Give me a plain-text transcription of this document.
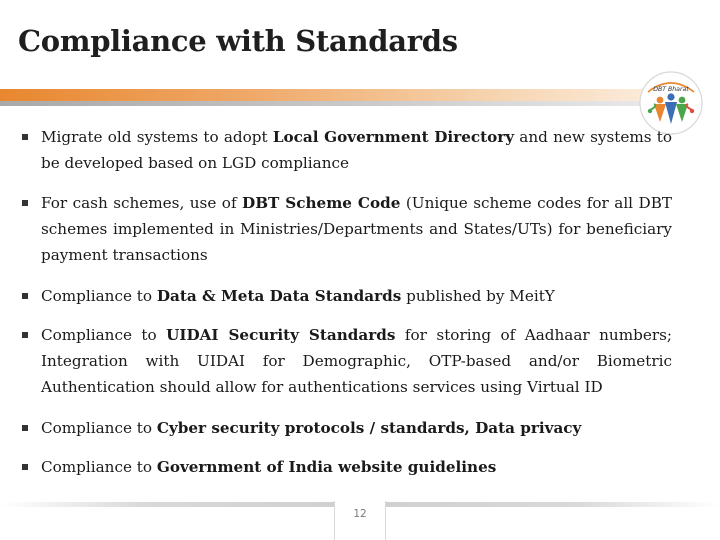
Compliance with Standards
DBT Bharat
Migrate old systems to adopt Local Government Directory and new systems to be developed based on LGD compliance
For cash schemes, use of DBT Scheme Code (Unique scheme codes for all DBT schemes implemented in Ministries/Departments and States/UTs) for beneficiary payment transactions
Compliance to Data & Meta Data Standards published by MeitY
Compliance to UIDAI Security Standards for storing of Aadhaar numbers; Integration with UIDAI for Demographic, OTP-based and/or Biometric Authentication should allow for authentications services using Virtual ID
Compliance to Cyber security protocols / standards, Data privacy
Compliance to Government of India website guidelines
12
